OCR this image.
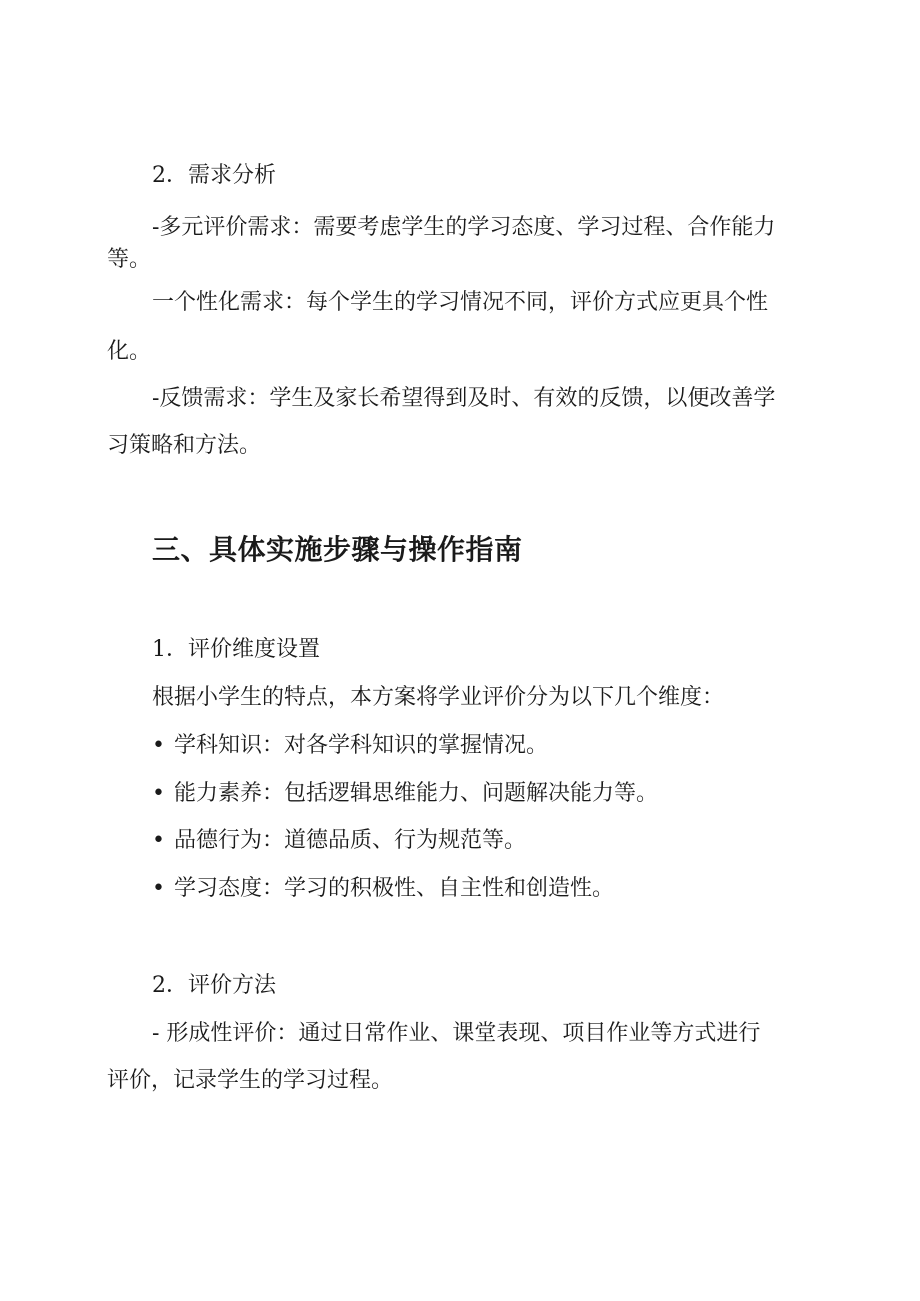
2．需求分析
-多元评价需求：需要考虑学生的学习态度、学习过程、合作能力
等。
一个性化需求：每个学生的学习情况不同，评价方式应更具个性
化。
-反馈需求：学生及家长希望得到及时、有效的反馈，以便改善学
习策略和方法。
三、具体实施步骤与操作指南
1．评价维度设置
根据小学生的特点，本方案将学业评价分为以下几个维度：
• 学科知识：对各学科知识的掌握情况。
• 能力素养：包括逻辑思维能力、问题解决能力等。
• 品德行为：道德品质、行为规范等。
• 学习态度：学习的积极性、自主性和创造性。
2．评价方法
- 形成性评价：通过日常作业、课堂表现、项目作业等方式进行
评价，记录学生的学习过程。
